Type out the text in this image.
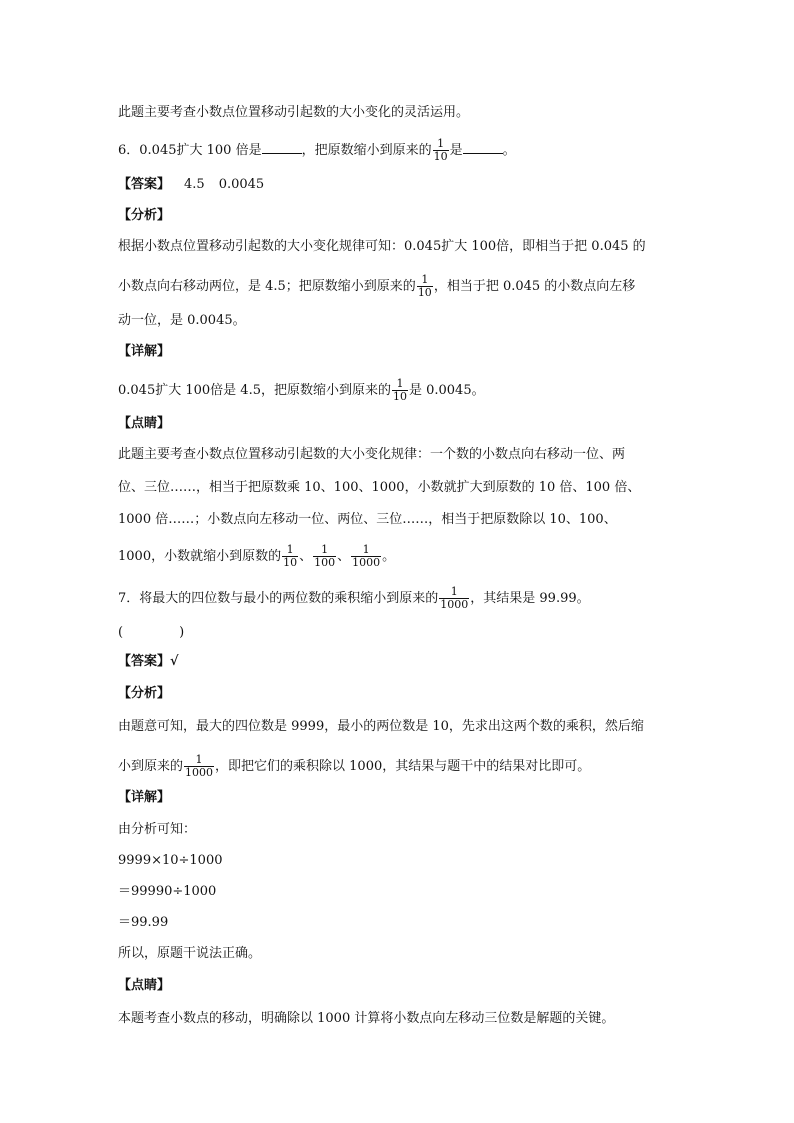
此题主要考查小数点位置移动引起数的大小变化的灵活运用。
6．0.045扩大 100 倍是	，把原数缩小到原来的 $\frac{1}{10}$ 是	。
【答案】 4.5 0.0045
【分析】
根据小数点位置移动引起数的大小变化规律可知：0.045扩大 100倍，即相当于把 0.045 的
小数点向右移动两位，是 4.5；把原数缩小到原来的 $\frac{1}{10}$ ，相当于把 0.045 的小数点向左移
动一位，是 0.0045。
【详解】
0.045扩大 100倍是 4.5，把原数缩小到原来的 $\frac{1}{10}$ 是 0.0045。
【点睛】
此题主要考查小数点位置移动引起数的大小变化规律：一个数的小数点向右移动一位、两
位、三位……，相当于把原数乘 10、100、1000，小数就扩大到原数的 10 倍、100 倍、
1000 倍……；小数点向左移动一位、两位、三位……，相当于把原数除以 10、100、
1000，小数就缩小到原数的 $\frac{1}{10}$ 、 $\frac{1}{100}$ 、 $\frac{1}{1000}$ 。
7．将最大的四位数与最小的两位数的乘积缩小到原来的 $\frac{1}{1000}$ ，其结果是 99.99。
(	)
【答案】√
【分析】
由题意可知，最大的四位数是 9999，最小的两位数是 10，先求出这两个数的乘积，然后缩
小到原来的 $\frac{1}{1000}$ ，即把它们的乘积除以 1000，其结果与题干中的结果对比即可。
【详解】
由分析可知：
9999×10÷1000
＝99990÷1000
＝99.99
所以，原题干说法正确。
【点睛】
本题考查小数点的移动，明确除以 1000 计算将小数点向左移动三位数是解题的关键。
